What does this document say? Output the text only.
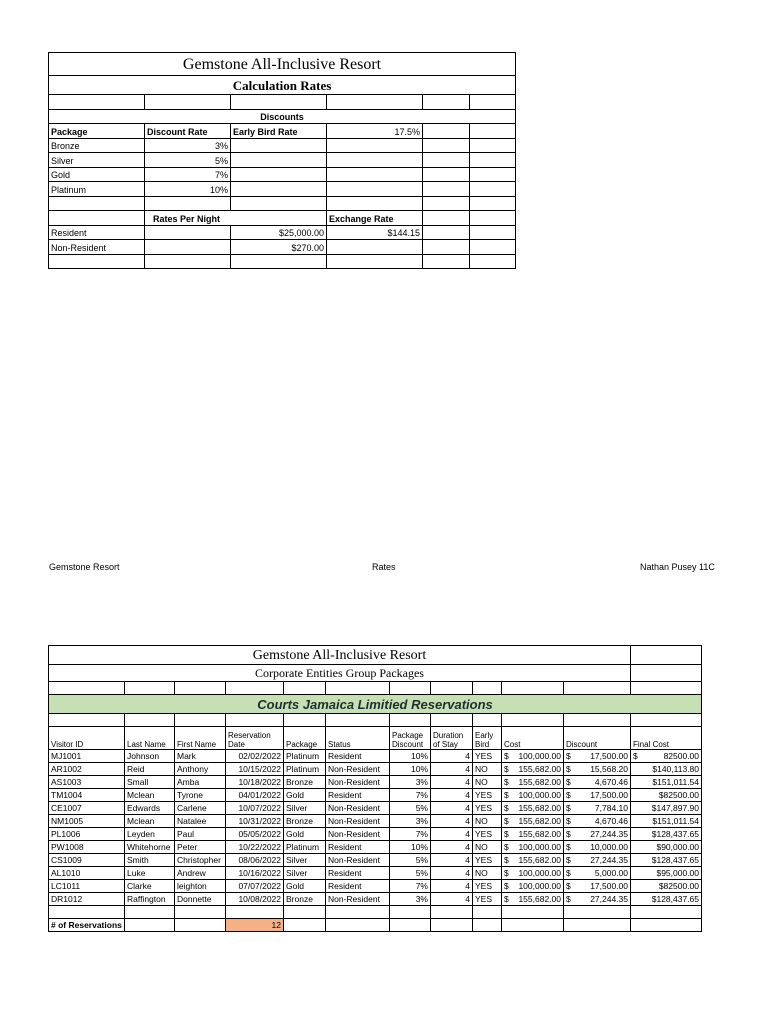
Gemstone All-Inclusive Resort					
Calculation Rates					

Discounts					
Package	Discount Rate	Early Bird Rate	17.5%		
Bronze	3%				
Silver	5%				
Gold	7%				
Platinum	10%				

	Rates Per Night		Exchange Rate		
Resident		$25,000.00	$144.15		
Non-Resident		$270.00			

Gemstone Resort	Rates	Nathan Pusey 11C
Gemstone All-Inclusive Resort											
Corporate Entities Group Packages											

Courts Jamaica Limitied Reservations											

Visitor ID	Last Name	First Name	Reservation Date	Package	Status	Package Discount	Duration of Stay	Early Bird	Cost	Discount	Final Cost
MJ1001	Johnson	Mark	02/02/2022	Platinum	Resident	10%	4	YES	$ 100,000.00	$ 17,500.00	$ 82500.00

AR1002	Reid	Anthony	10/15/2022	Platinum	Non-Resident	10%	4	NO	$ 155,682.00	$ 15,568.20	$140,113.80
AS1003	Small	Amba	10/18/2022	Bronze	Non-Resident	3%	4	NO	$ 155,682.00	$ 4,670.46	$151,011.54
TM1004	Mclean	Tyrone	04/01/2022	Gold	Resident	7%	4	YES	$ 100,000.00	$ 17,500.00	$82500.00
CE1007	Edwards	Carlene	10/07/2022	Silver	Non-Resident	5%	4	YES	$ 155,682.00	$ 7,784.10	$147,897.90
NM1005	Mclean	Natalee	10/31/2022	Bronze	Non-Resident	3%	4	NO	$ 155,682.00	$ 4,670.46	$151,011.54
PL1006	Leyden	Paul	05/05/2022	Gold	Non-Resident	7%	4	YES	$ 155,682.00	$ 27,244.35	$128,437.65
PW1008	Whitehorne	Peter	10/22/2022	Platinum	Resident	10%	4	NO	$ 100,000.00	$ 10,000.00	$90,000.00
CS1009	Smith	Christopher	08/06/2022	Silver	Non-Resident	5%	4	YES	$ 155,682.00	$ 27,244.35	$128,437.65
AL1010	Luke	Andrew	10/16/2022	Silver	Resident	5%	4	NO	$ 100,000.00	$ 5,000.00	$95,000.00
LC1011	Clarke	leighton	07/07/2022	Gold	Resident	7%	4	YES	$ 100,000.00	$ 17,500.00	$82500.00
DR1012	Raffington	Donnette	10/08/2022	Bronze	Non-Resident	3%	4	YES	$ 155,682.00	$ 27,244.35	$128,437.65

# of Reservations			12								
